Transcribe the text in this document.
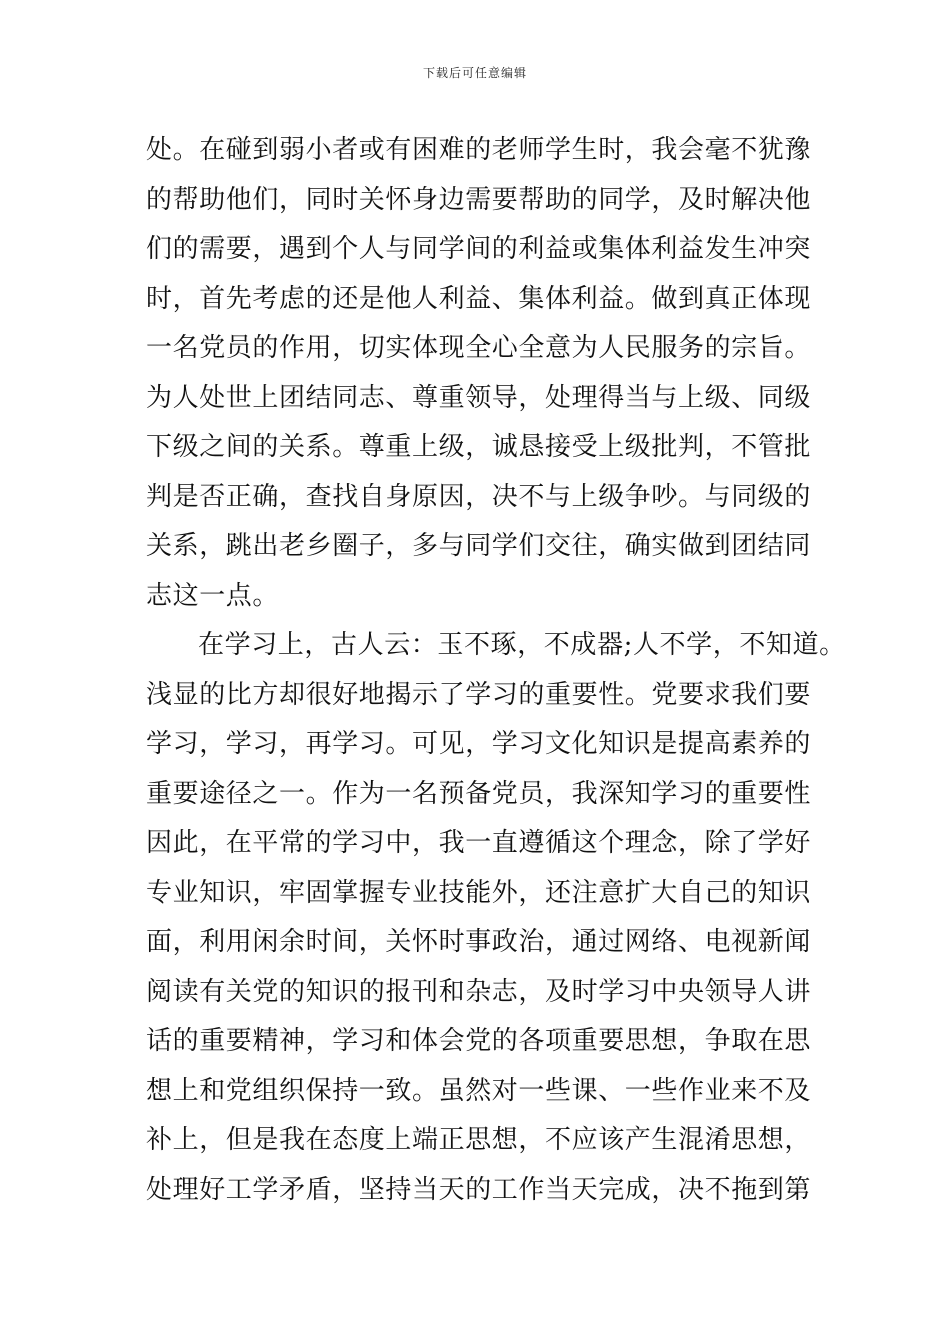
下载后可任意编辑
处。在碰到弱小者或有困难的老师学生时，我会毫不犹豫
的帮助他们，同时关怀身边需要帮助的同学，及时解决他
们的需要，遇到个人与同学间的利益或集体利益发生冲突
时，首先考虑的还是他人利益、集体利益。做到真正体现
一名党员的作用，切实体现全心全意为人民服务的宗旨。
为人处世上团结同志、尊重领导，处理得当与上级、同级
下级之间的关系。尊重上级，诚恳接受上级批判，不管批
判是否正确，查找自身原因，决不与上级争吵。与同级的
关系，跳出老乡圈子，多与同学们交往，确实做到团结同
志这一点。
在学习上，古人云：玉不琢，不成器;人不学，不知道。
浅显的比方却很好地揭示了学习的重要性。党要求我们要
学习，学习，再学习。可见，学习文化知识是提高素养的
重要途径之一。作为一名预备党员，我深知学习的重要性
因此，在平常的学习中，我一直遵循这个理念，除了学好
专业知识，牢固掌握专业技能外，还注意扩大自己的知识
面，利用闲余时间，关怀时事政治，通过网络、电视新闻
阅读有关党的知识的报刊和杂志，及时学习中央领导人讲
话的重要精神，学习和体会党的各项重要思想，争取在思
想上和党组织保持一致。虽然对一些课、一些作业来不及
补上，但是我在态度上端正思想，不应该产生混淆思想，
处理好工学矛盾，坚持当天的工作当天完成，决不拖到第
